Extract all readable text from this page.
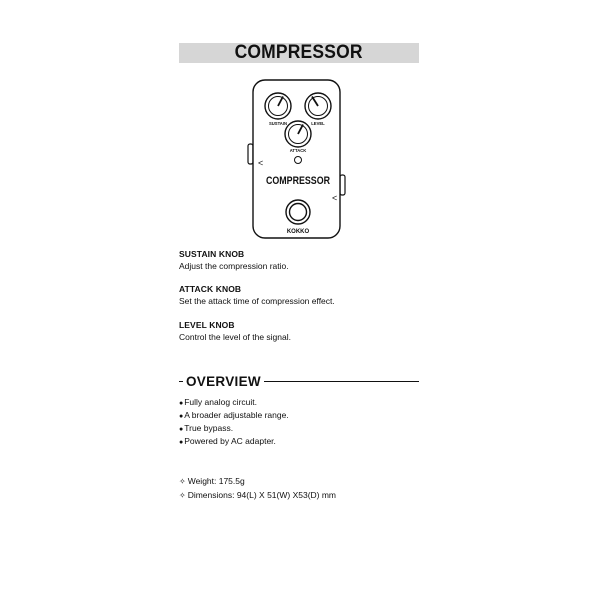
COMPRESSOR
SUSTAIN	LEVEL
ATTACK
<
<
COMPRESSOR
KOKKO
SUSTAIN KNOB
Adjust the compression ratio.
ATTACK KNOB
Set the attack time of compression effect.
LEVEL KNOB
Control the level of the signal.
OVERVIEW
●Fully analog circuit.
●A broader adjustable range.
●True bypass.
●Powered by AC adapter.
✧ Weight: 175.5g
✧ Dimensions: 94(L) X 51(W) X53(D) mm
